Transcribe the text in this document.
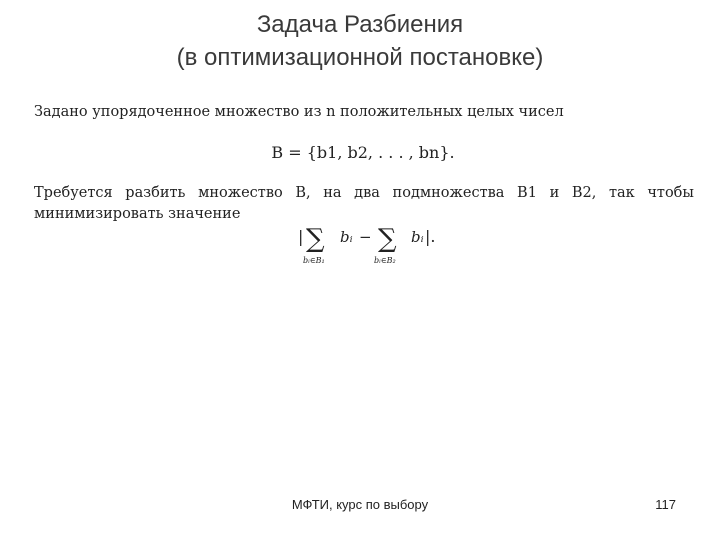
Задача Разбиения
(в оптимизационной постановке)
Задано упорядоченное множество из n положительных целых чисел
B = {b1, b2, . . . , bn}.
Требуется разбить множество B, на два подмножества B1 и B2, так чтобы
минимизировать значение
| ∑
bᵢ∈B₁
bᵢ − ∑
bᵢ∈B₂
bᵢ |.
МФТИ, курс по выбору	117
